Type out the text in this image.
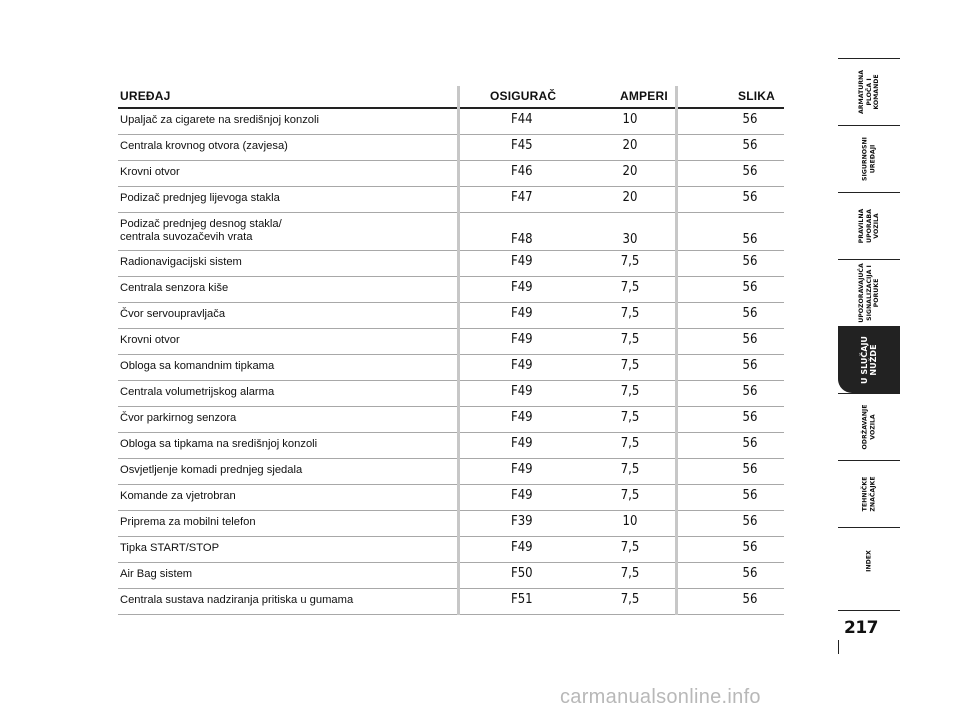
UREĐAJ	OSIGURAČ	AMPERI	SLIKA
Upaljač za cigarete na središnjoj konzoli	F44	10	56
Centrala krovnog otvora (zavjesa)	F45	20	56
Krovni otvor	F46	20	56
Podizač prednjeg lijevoga stakla	F47	20	56
Podizač prednjeg desnog stakla/
centrala suvozačevih vrata	F48	30	56
Radionavigacijski sistem	F49	7,5	56
Centrala senzora kiše	F49	7,5	56
Čvor servoupravljača	F49	7,5	56
Krovni otvor	F49	7,5	56
Obloga sa komandnim tipkama	F49	7,5	56
Centrala volumetrijskog alarma	F49	7,5	56
Čvor parkirnog senzora	F49	7,5	56
Obloga sa tipkama na središnjoj konzoli	F49	7,5	56
Osvjetljenje komadi prednjeg sjedala	F49	7,5	56
Komande za vjetrobran	F49	7,5	56
Priprema za mobilni telefon	F39	10	56
Tipka START/STOP	F49	7,5	56
Air Bag sistem	F50	7,5	56
Centrala sustava nadziranja pritiska u gumama	F51	7,5	56
ARMATURNA
PLOČA I
KOMANDE
SIGURNOSNI
UREĐAJI
PRAVILNA
UPORABA
VOZILA
UPOZORAVAJUĆA
SIGNALIZACIJA I
PORUKE
U SLUČAJU
NUŽDE
ODRŽAVANJE
VOZILA
TEHNIČKE
ZNAČAJKE
INDEX
217
carmanualsonline.info
